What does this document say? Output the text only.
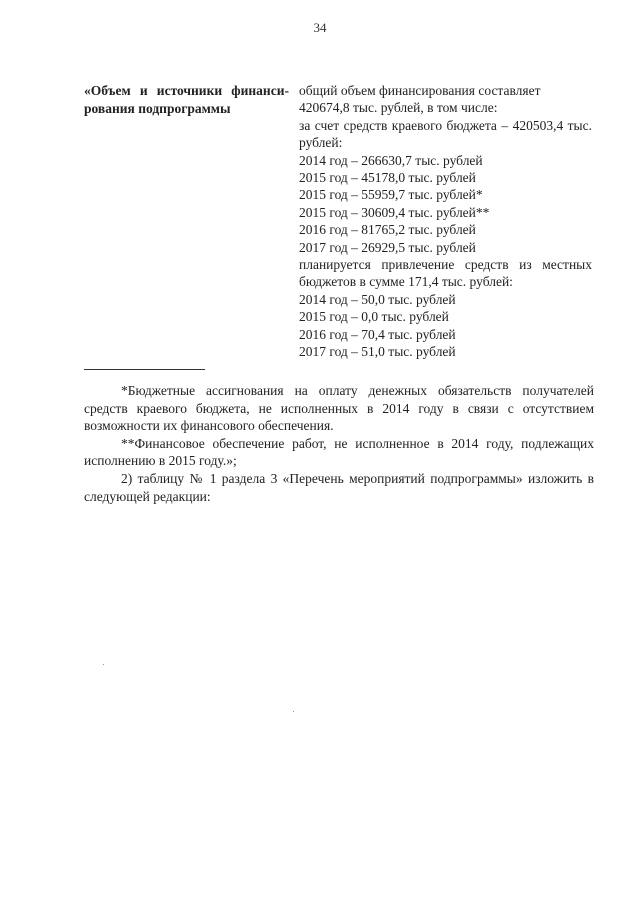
34
«Объем и источники финансирования подпрограммы
общий объем финансирования составляет
420674,8 тыс. рублей, в том числе:
за счет средств краевого бюджета – 420503,4 тыс. рублей:
2014 год – 266630,7 тыс. рублей
2015 год – 45178,0 тыс. рублей
2015 год – 55959,7 тыс. рублей*
2015 год – 30609,4 тыс. рублей**
2016 год – 81765,2 тыс. рублей
2017 год – 26929,5 тыс. рублей
планируется привлечение средств из местных бюджетов в сумме 171,4 тыс. рублей:
2014 год – 50,0 тыс. рублей
2015 год – 0,0 тыс. рублей
2016 год – 70,4 тыс. рублей
2017 год – 51,0 тыс. рублей

*Бюджетные ассигнования на оплату денежных обязательств получателей средств краевого бюджета, не исполненных в 2014 году в связи с отсутствием возможности их финансового обеспечения.

**Финансовое обеспечение работ, не исполненное в 2014 году, подлежащих исполнению в 2015 году.»;

2) таблицу № 1 раздела 3 «Перечень мероприятий подпрограммы» изложить в следующей редакции:
